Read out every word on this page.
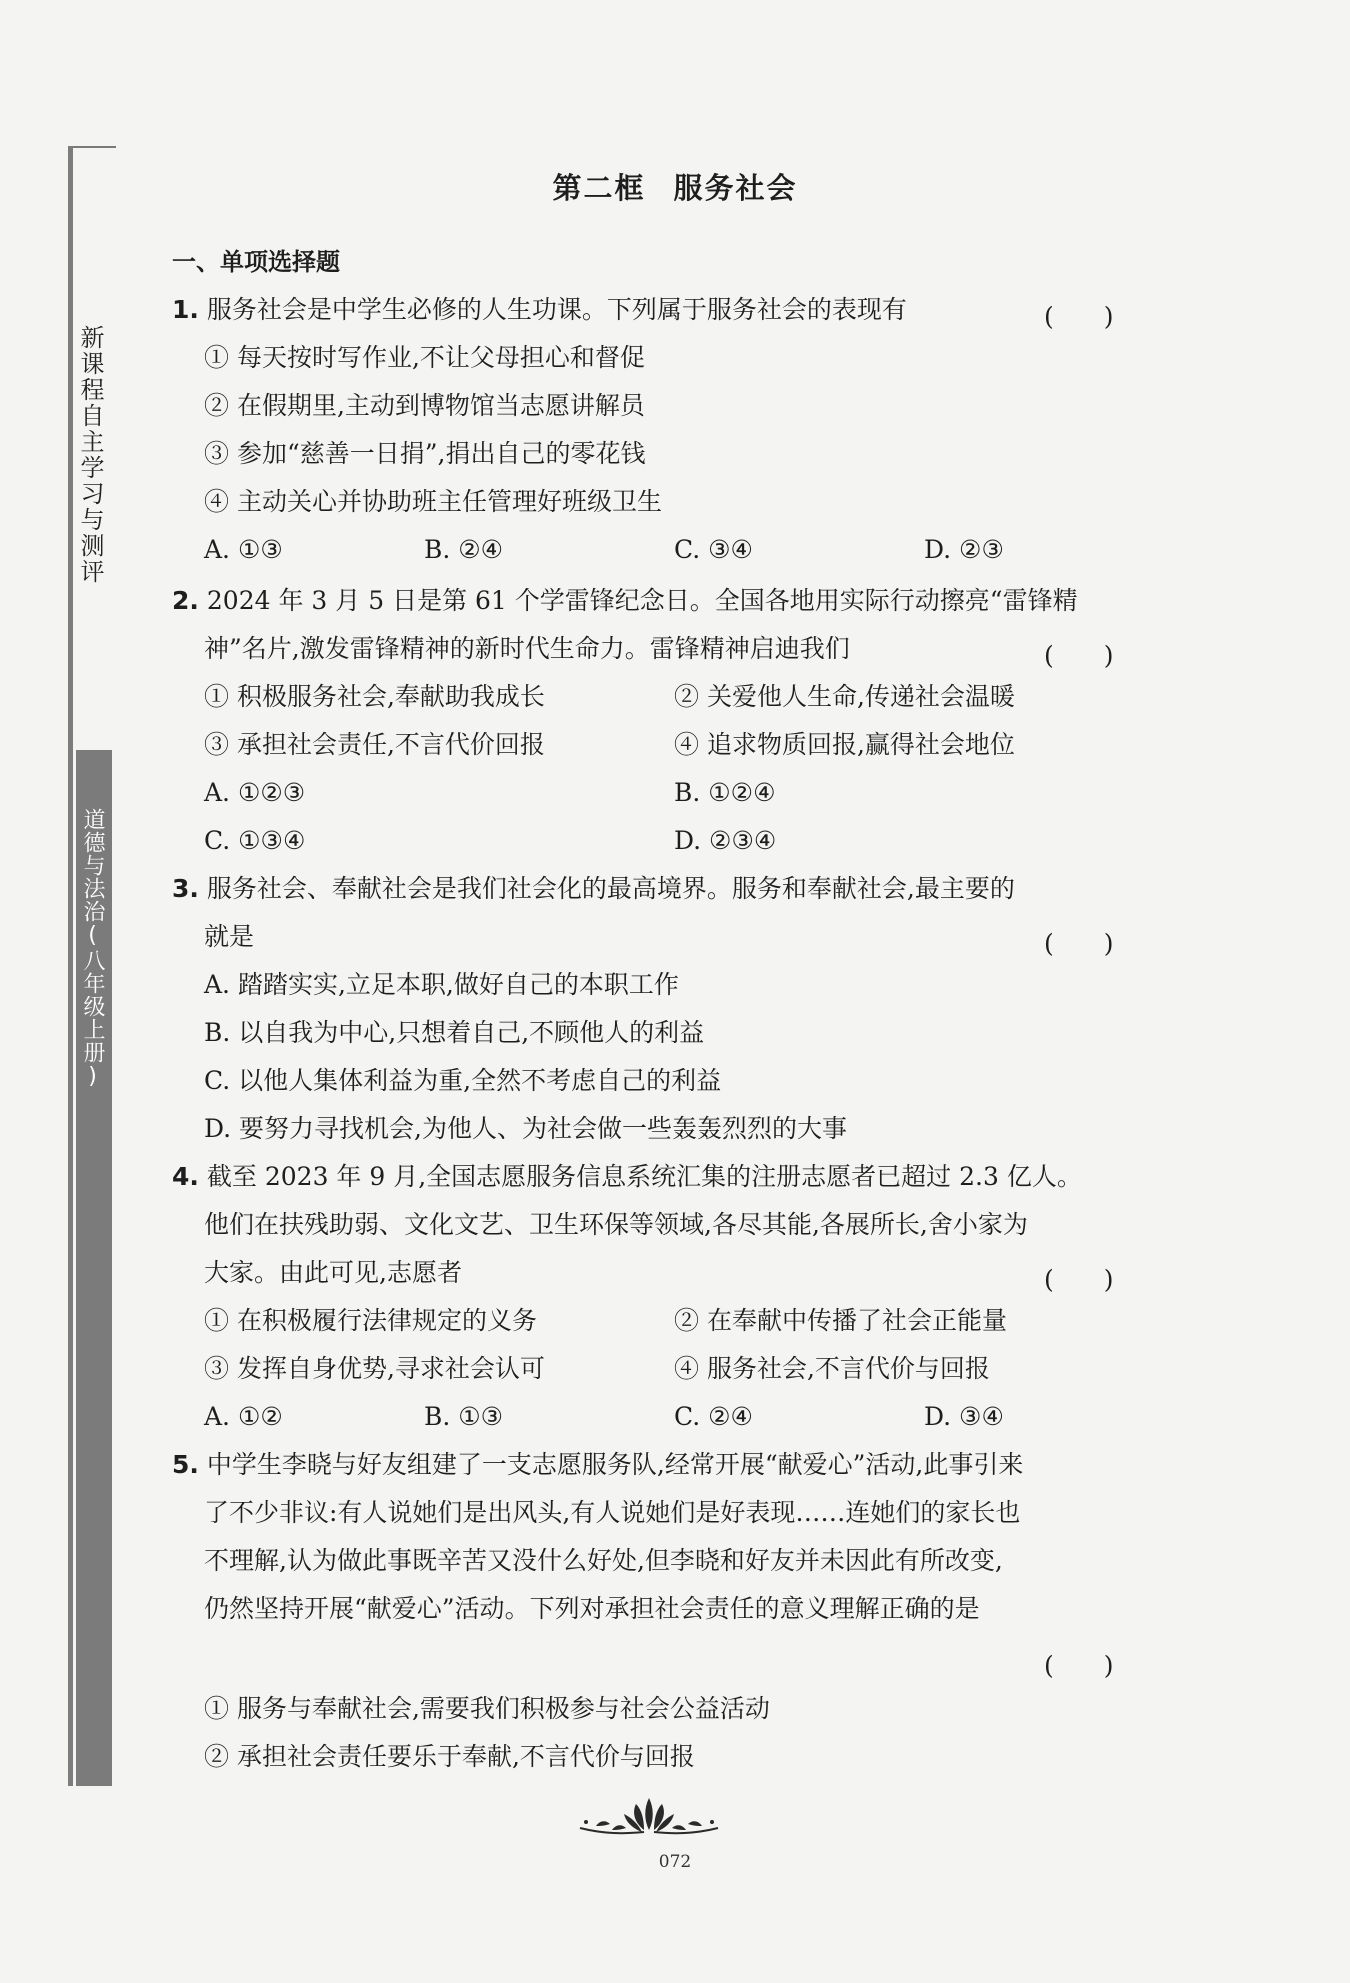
新课程自主学习与测评
道德与法治(八年级上册)
第二框 服务社会
一、单项选择题
1. 服务社会是中学生必修的人生功课。下列属于服务社会的表现有	(　　)
① 每天按时写作业,不让父母担心和督促
② 在假期里,主动到博物馆当志愿讲解员
③ 参加“慈善一日捐”,捐出自己的零花钱
④ 主动关心并协助班主任管理好班级卫生
A. ①③	B. ②④	C. ③④	D. ②③
2. 2024 年 3 月 5 日是第 61 个学雷锋纪念日。全国各地用实际行动擦亮“雷锋精
神”名片,激发雷锋精神的新时代生命力。雷锋精神启迪我们	(　　)
① 积极服务社会,奉献助我成长	② 关爱他人生命,传递社会温暖
③ 承担社会责任,不言代价回报	④ 追求物质回报,赢得社会地位
A. ①②③	B. ①②④
C. ①③④	D. ②③④
3. 服务社会、奉献社会是我们社会化的最高境界。服务和奉献社会,最主要的
就是	(　　)
A. 踏踏实实,立足本职,做好自己的本职工作
B. 以自我为中心,只想着自己,不顾他人的利益
C. 以他人集体利益为重,全然不考虑自己的利益
D. 要努力寻找机会,为他人、为社会做一些轰轰烈烈的大事
4. 截至 2023 年 9 月,全国志愿服务信息系统汇集的注册志愿者已超过 2.3 亿人。
他们在扶残助弱、文化文艺、卫生环保等领域,各尽其能,各展所长,舍小家为
大家。由此可见,志愿者	(　　)
① 在积极履行法律规定的义务	② 在奉献中传播了社会正能量
③ 发挥自身优势,寻求社会认可	④ 服务社会,不言代价与回报
A. ①②	B. ①③	C. ②④	D. ③④
5. 中学生李晓与好友组建了一支志愿服务队,经常开展“献爱心”活动,此事引来
了不少非议:有人说她们是出风头,有人说她们是好表现……连她们的家长也
不理解,认为做此事既辛苦又没什么好处,但李晓和好友并未因此有所改变,
仍然坚持开展“献爱心”活动。下列对承担社会责任的意义理解正确的是
(　　)
① 服务与奉献社会,需要我们积极参与社会公益活动
② 承担社会责任要乐于奉献,不言代价与回报
072
